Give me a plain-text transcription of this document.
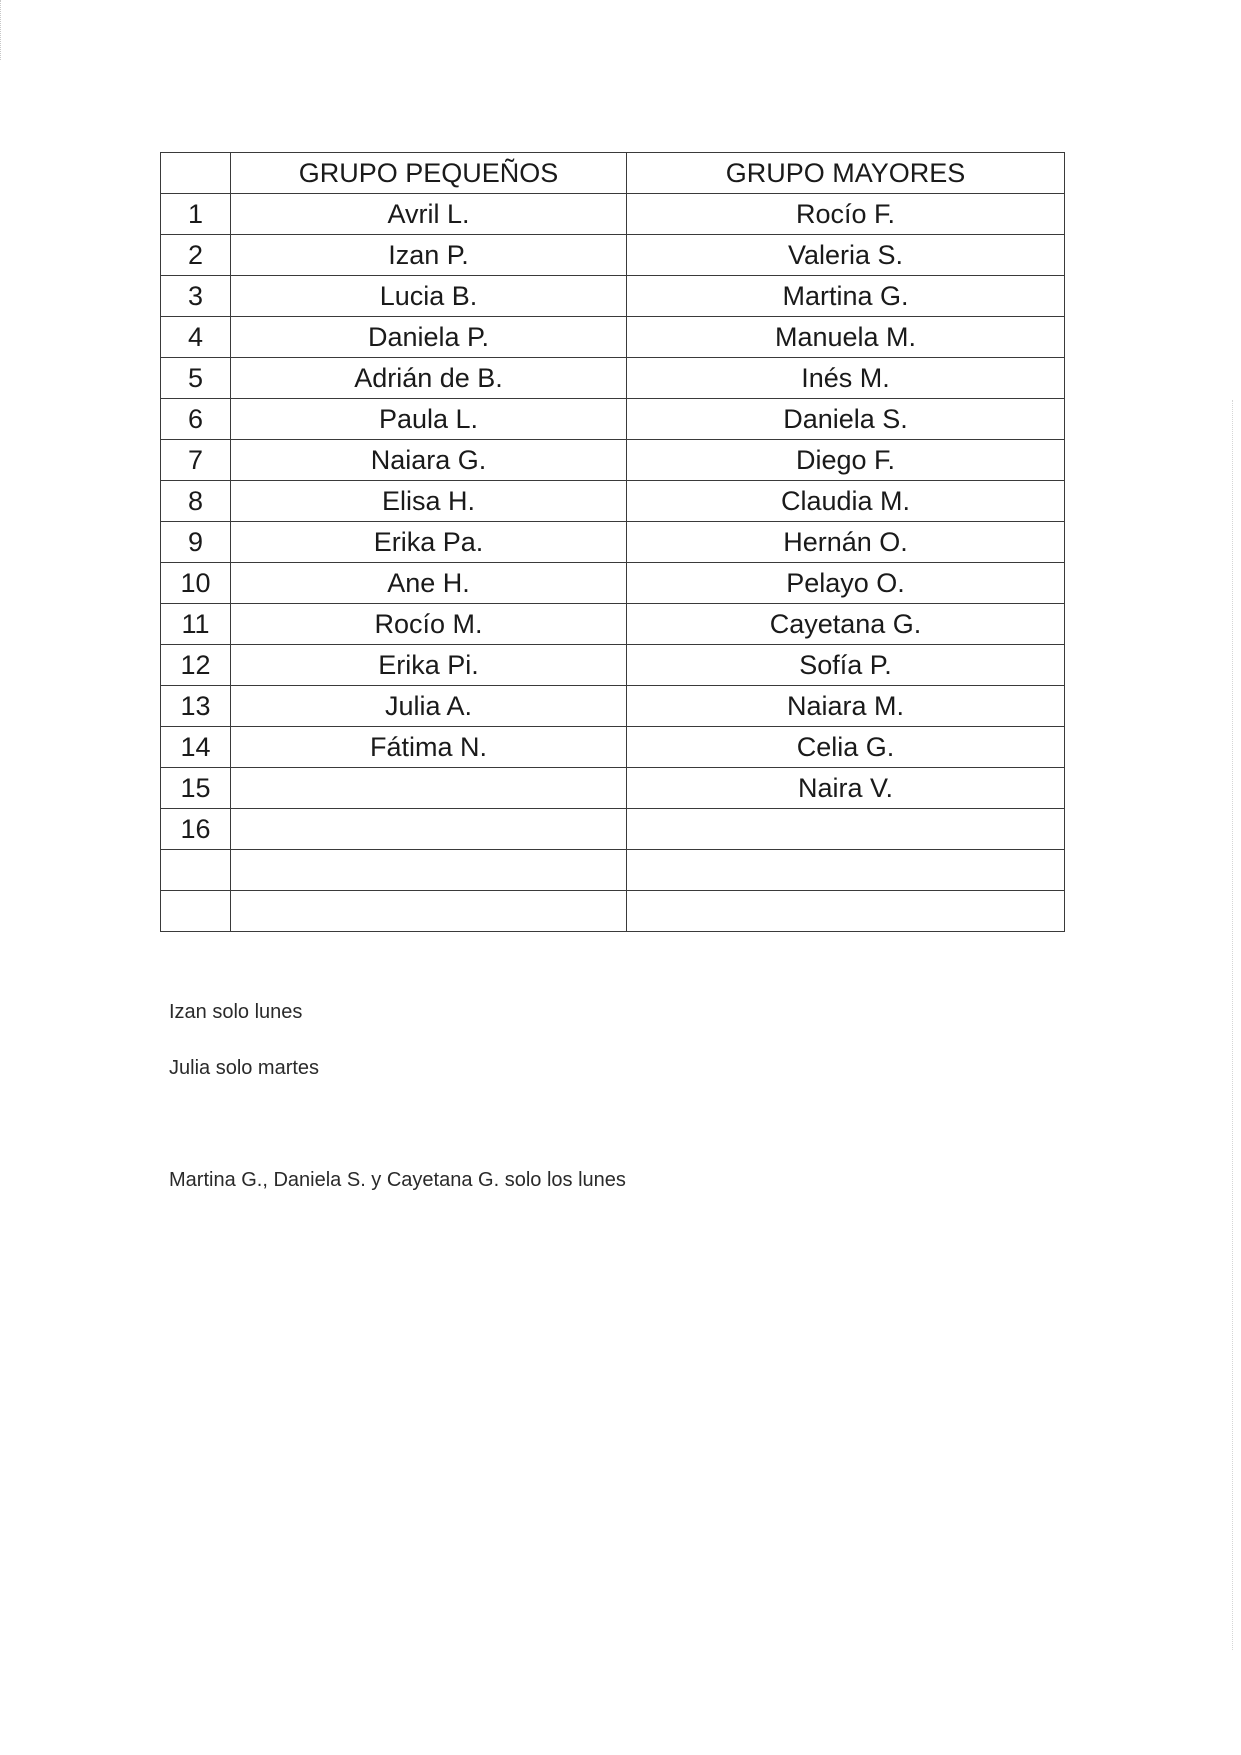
	GRUPO PEQUEÑOS	GRUPO MAYORES
1	Avril L.	Rocío F.
2	Izan P.	Valeria S.
3	Lucia B.	Martina G.
4	Daniela P.	Manuela M.
5	Adrián de B.	Inés M.
6	Paula L.	Daniela S.
7	Naiara G.	Diego F.
8	Elisa H.	Claudia M.
9	Erika Pa.	Hernán O.
10	Ane H.	Pelayo O.
11	Rocío M.	Cayetana G.
12	Erika Pi.	Sofía P.
13	Julia A.	Naiara M.
14	Fátima N.	Celia G.
15		Naira V.
16		

Izan solo lunes
Julia solo martes
Martina G., Daniela S. y Cayetana G. solo los lunes
